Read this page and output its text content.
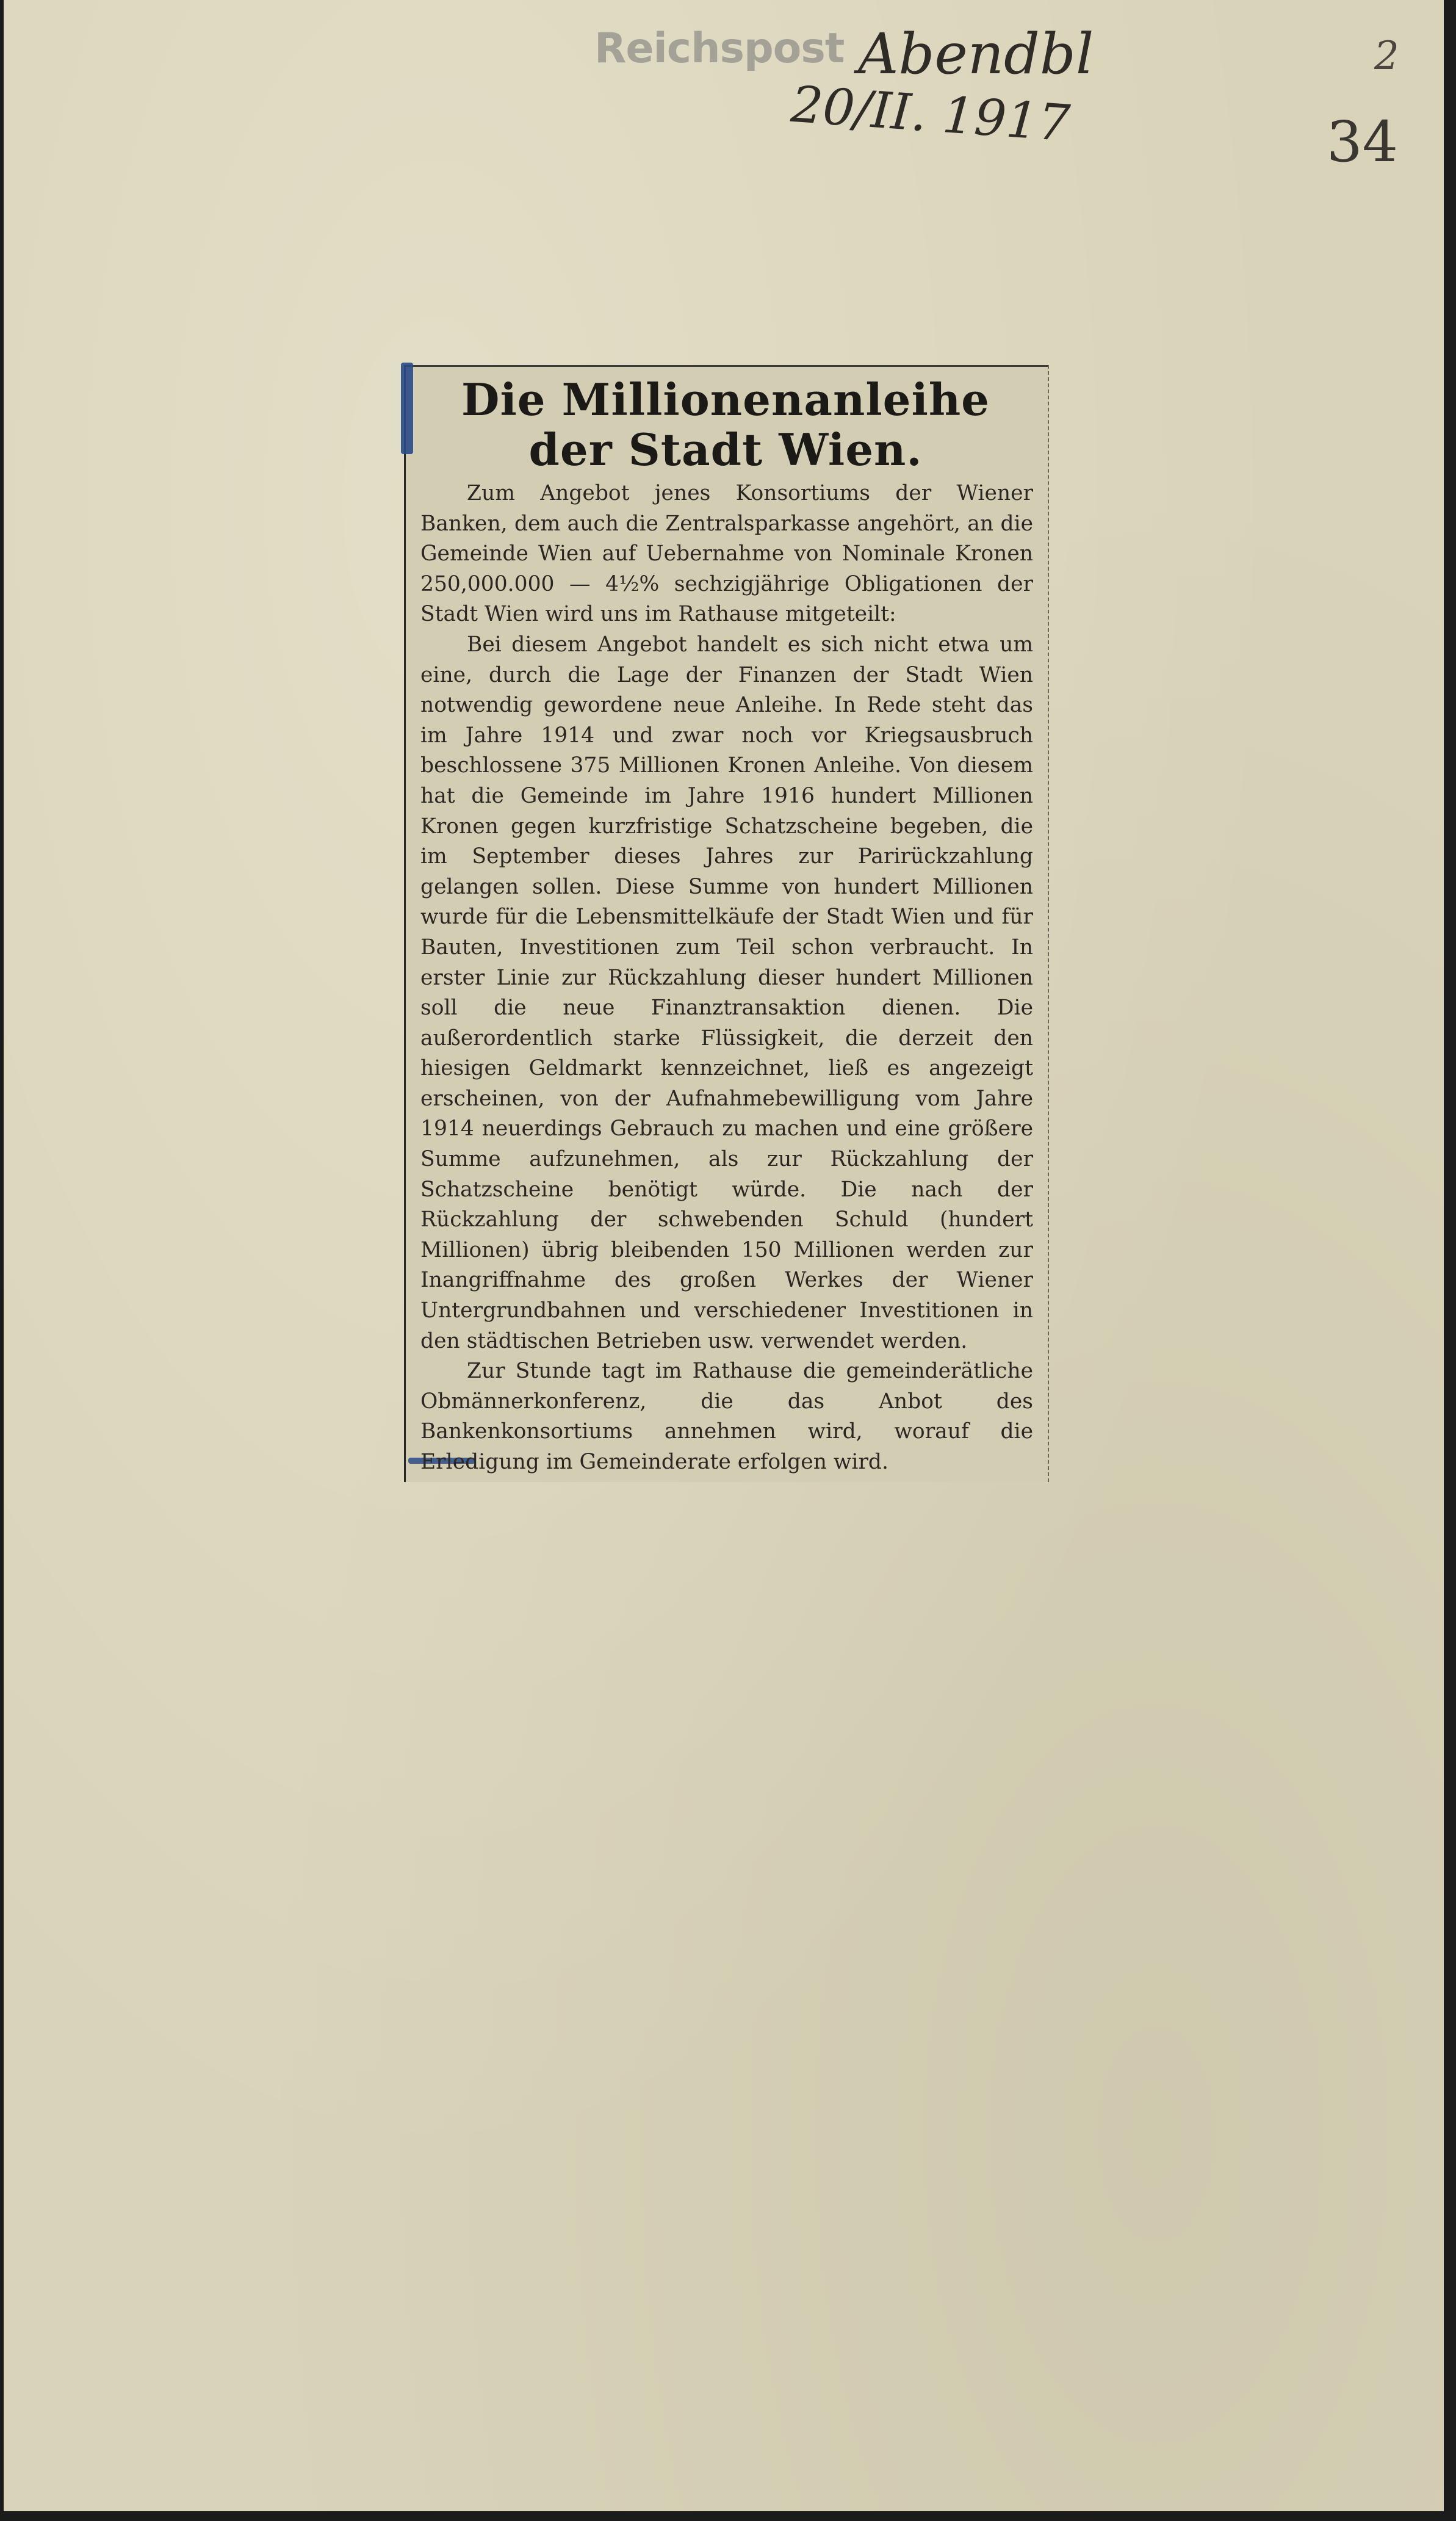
Reichspost Abendbl
20/II. 1917	34
2
Die Millionenanleihe der Stadt Wien.

Zum Angebot jenes Konsortiums der Wiener Banken, dem auch die Zentralsparkasse angehört, an die Gemeinde Wien auf Uebernahme von Nominale Kronen 250,000.000 — 4½% sechzigjährige Obligationen der Stadt Wien wird uns im Rathause mitgeteilt:

Bei diesem Angebot handelt es sich nicht etwa um eine, durch die Lage der Finanzen der Stadt Wien notwendig gewordene neue Anleihe. In Rede steht das im Jahre 1914 und zwar noch vor Kriegsausbruch beschlossene 375 Millionen Kronen Anleihe. Von diesem hat die Gemeinde im Jahre 1916 hundert Millionen Kronen gegen kurzfristige Schatzscheine begeben, die im September dieses Jahres zur Parirückzahlung gelangen sollen. Diese Summe von hundert Millionen wurde für die Lebensmittelkäufe der Stadt Wien und für Bauten, Investitionen zum Teil schon verbraucht. In erster Linie zur Rückzahlung dieser hundert Millionen soll die neue Finanztransaktion dienen. Die außerordentlich starke Flüssigkeit, die derzeit den hiesigen Geldmarkt kennzeichnet, ließ es angezeigt erscheinen, von der Aufnahmebewilligung vom Jahre 1914 neuerdings Gebrauch zu machen und eine größere Summe aufzunehmen, als zur Rückzahlung der Schatzscheine benötigt würde. Die nach der Rückzahlung der schwebenden Schuld (hundert Millionen) übrig bleibenden 150 Millionen werden zur Inangriffnahme des großen Werkes der Wiener Untergrundbahnen und verschiedener Investitionen in den städtischen Betrieben usw. verwendet werden.

Zur Stunde tagt im Rathause die gemeinderätliche Obmännerkonferenz, die das Anbot des Bankenkonsortiums annehmen wird, worauf die Erledigung im Gemeinderate erfolgen wird.
